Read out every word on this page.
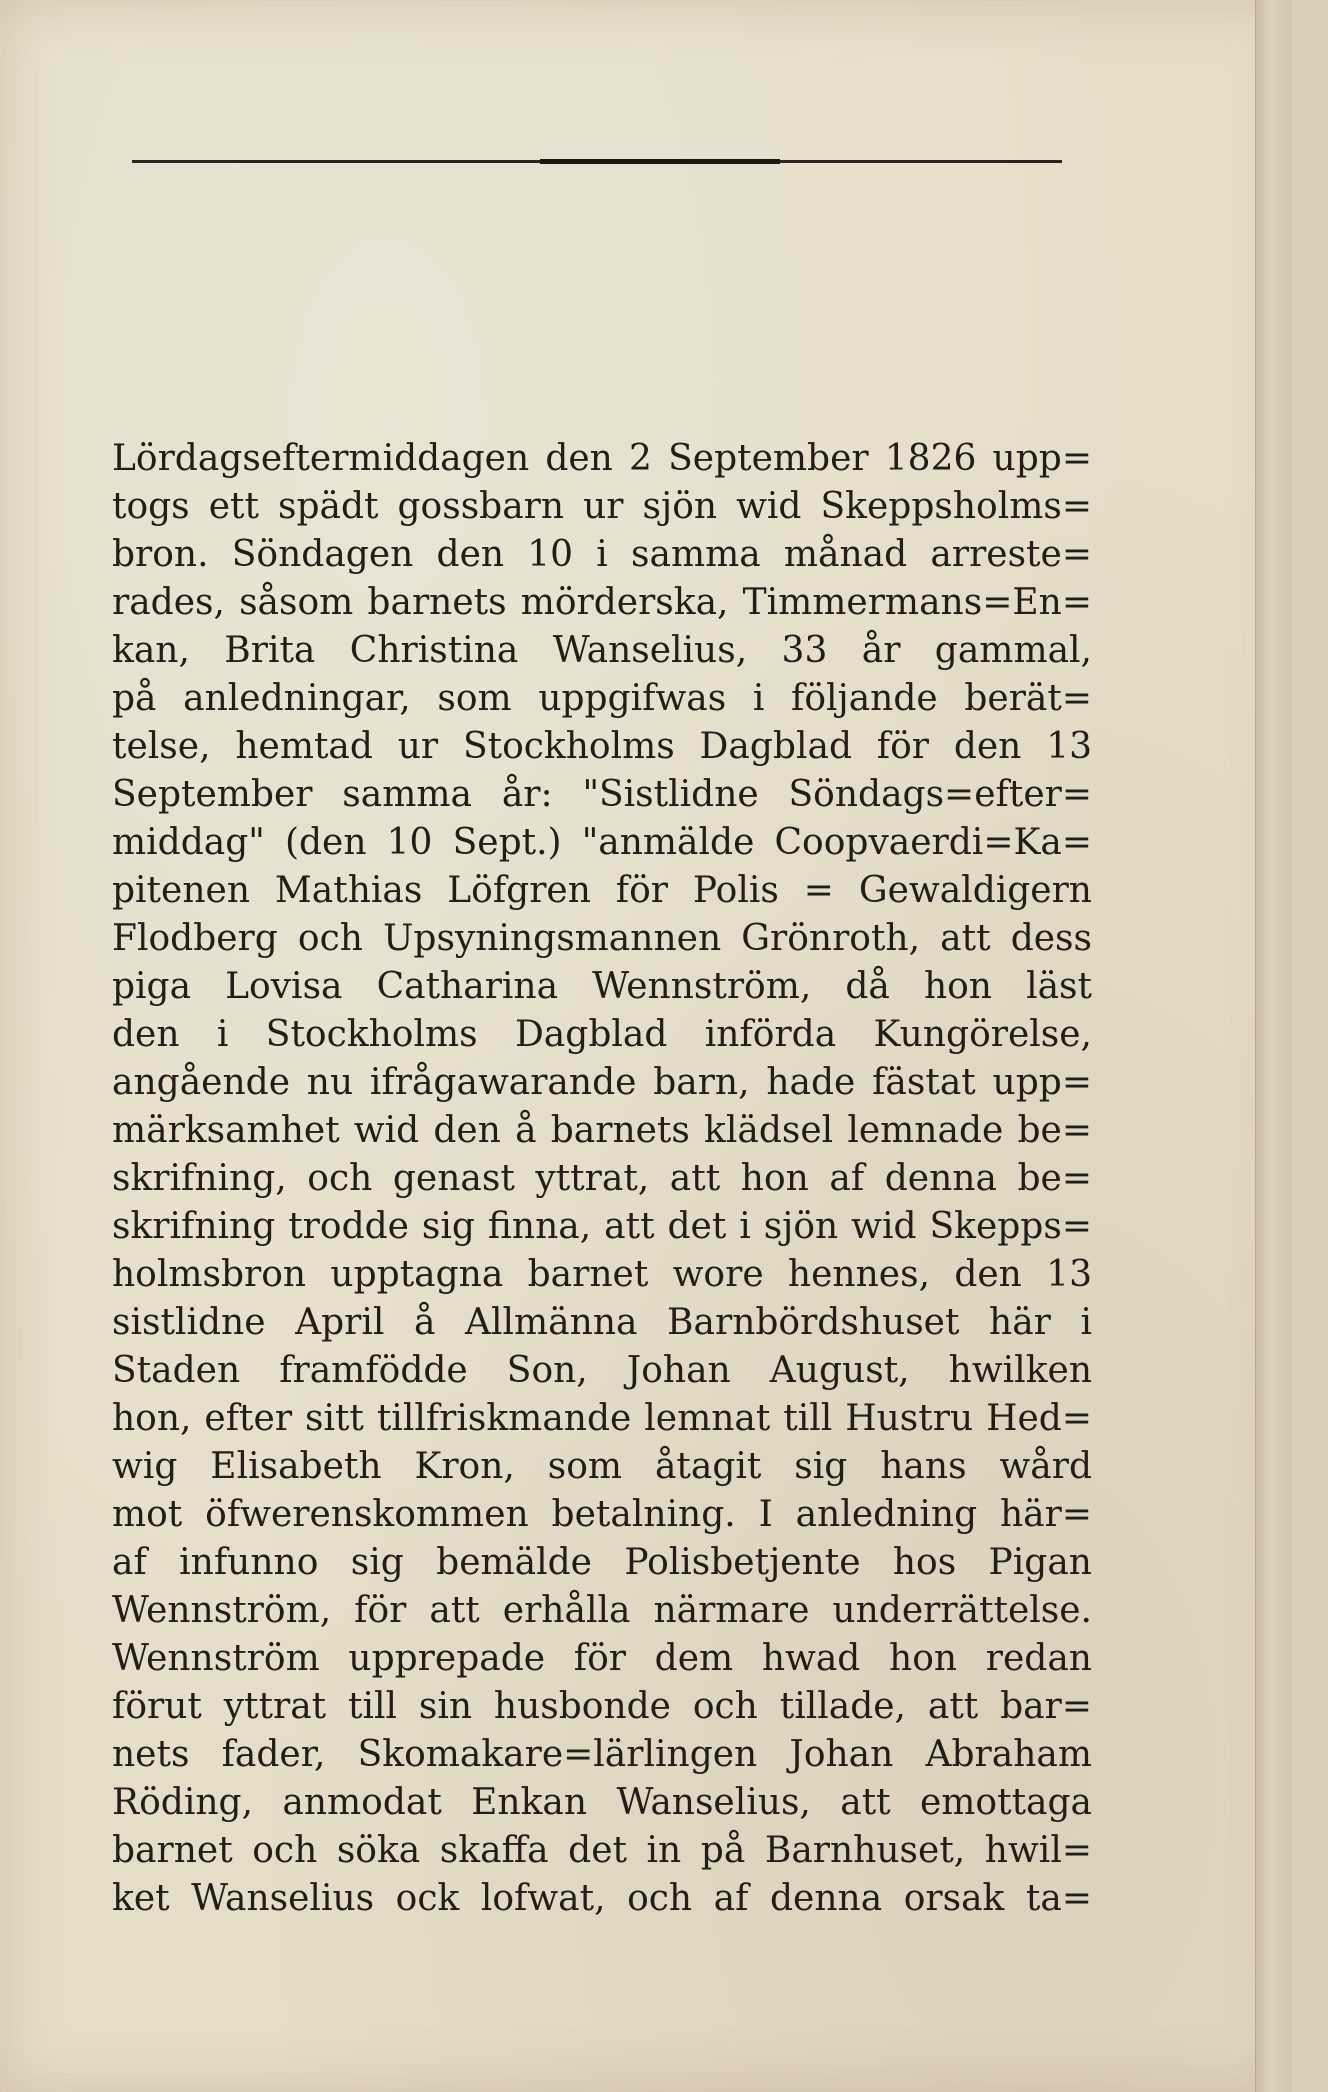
Lördagseftermiddagen den 2 September 1826 upp=
togs ett spädt gossbarn ur sjön wid Skeppsholms=
bron. Söndagen den 10 i samma månad arreste=
rades, såsom barnets mörderska, Timmermans=En=
kan, Brita Christina Wanselius, 33 år gammal,
på anledningar, som uppgifwas i följande berät=
telse, hemtad ur Stockholms Dagblad för den 13
September samma år: "Sistlidne Söndags=efter=
middag" (den 10 Sept.) "anmälde Coopvaerdi=Ka=
pitenen Mathias Löfgren för Polis = Gewaldigern
Flodberg och Upsyningsmannen Grönroth, att dess
piga Lovisa Catharina Wennström, då hon läst
den i Stockholms Dagblad införda Kungörelse,
angående nu ifrågawarande barn, hade fästat upp=
märksamhet wid den å barnets klädsel lemnade be=
skrifning, och genast yttrat, att hon af denna be=
skrifning trodde sig finna, att det i sjön wid Skepps=
holmsbron upptagna barnet wore hennes, den 13
sistlidne April å Allmänna Barnbördshuset här i
Staden framfödde Son, Johan August, hwilken
hon, efter sitt tillfriskmande lemnat till Hustru Hed=
wig Elisabeth Kron, som åtagit sig hans wård
mot öfwerenskommen betalning. I anledning här=
af infunno sig bemälde Polisbetjente hos Pigan
Wennström, för att erhålla närmare underrättelse.
Wennström upprepade för dem hwad hon redan
förut yttrat till sin husbonde och tillade, att bar=
nets fader, Skomakare=lärlingen Johan Abraham
Röding, anmodat Enkan Wanselius, att emottaga
barnet och söka skaffa det in på Barnhuset, hwil=
ket Wanselius ock lofwat, och af denna orsak ta=
